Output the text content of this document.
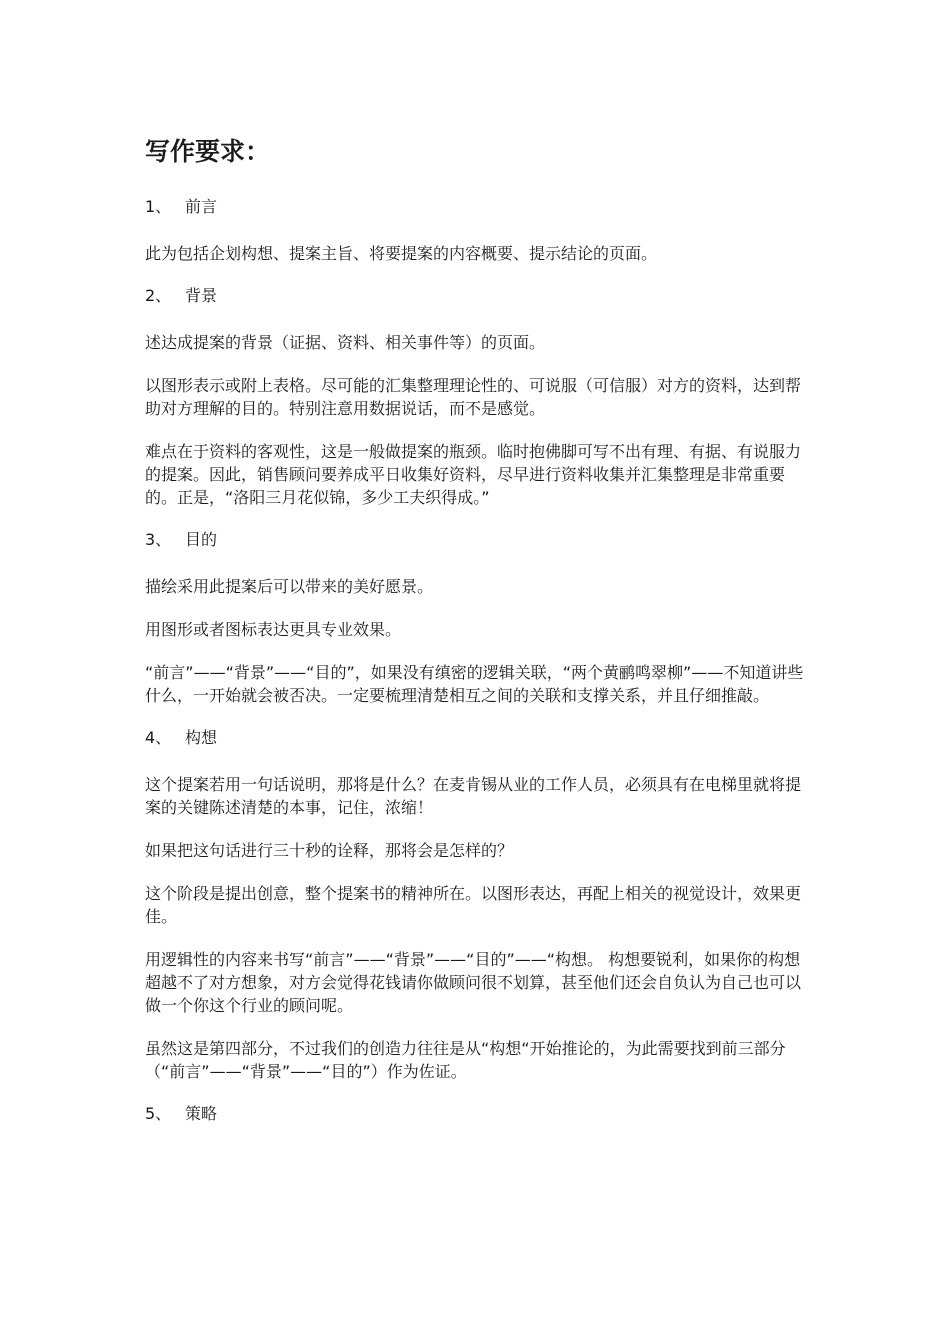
写作要求：
1、 前言

此为包括企划构想、提案主旨、将要提案的内容概要、提示结论的页面。

2、 背景

述达成提案的背景（证据、资料、相关事件等）的页面。

以图形表示或附上表格。尽可能的汇集整理理论性的、可说服（可信服）对方的资料，达到帮助对方理解的目的。特别注意用数据说话，而不是感觉。

难点在于资料的客观性，这是一般做提案的瓶颈。临时抱佛脚可写不出有理、有据、有说服力的提案。因此，销售顾问要养成平日收集好资料，尽早进行资料收集并汇集整理是非常重要的。正是，“洛阳三月花似锦，多少工夫织得成。”

3、 目的

描绘采用此提案后可以带来的美好愿景。

用图形或者图标表达更具专业效果。

“前言”——“背景”——“目的”，如果没有缜密的逻辑关联，“两个黄鹂鸣翠柳”——不知道讲些什么，一开始就会被否决。一定要梳理清楚相互之间的关联和支撑关系，并且仔细推敲。

4、 构想

这个提案若用一句话说明，那将是什么？在麦肯锡从业的工作人员，必须具有在电梯里就将提案的关键陈述清楚的本事，记住，浓缩！

如果把这句话进行三十秒的诠释，那将会是怎样的？

这个阶段是提出创意，整个提案书的精神所在。以图形表达，再配上相关的视觉设计，效果更佳。

用逻辑性的内容来书写“前言”——“背景”——“目的”——“构想。 构想要锐利，如果你的构想超越不了对方想象，对方会觉得花钱请你做顾问很不划算，甚至他们还会自负认为自己也可以做一个你这个行业的顾问呢。

虽然这是第四部分，不过我们的创造力往往是从“构想“开始推论的，为此需要找到前三部分（“前言”——“背景”——“目的”）作为佐证。

5、 策略
